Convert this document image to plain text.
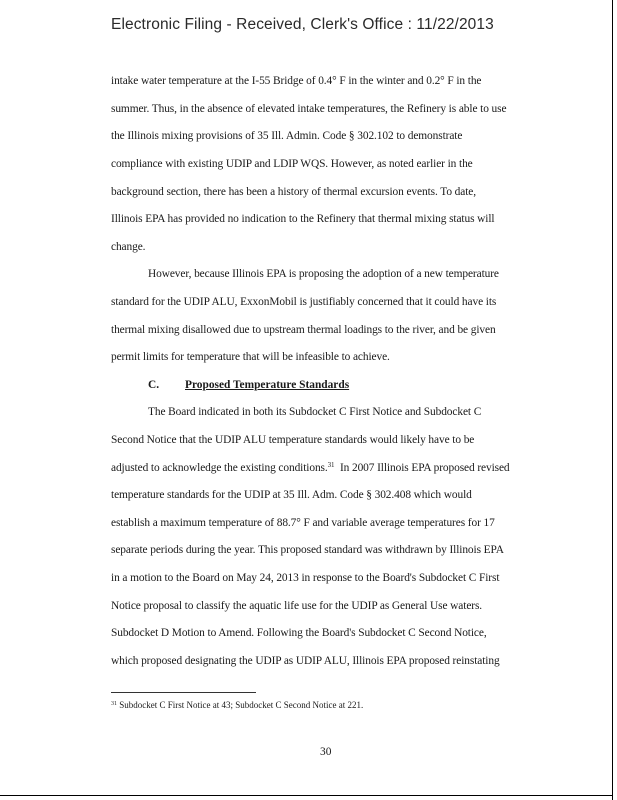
Electronic Filing - Received, Clerk's Office : 11/22/2013
intake water temperature at the I-55 Bridge of 0.4° F in the winter and 0.2° F in the
summer. Thus, in the absence of elevated intake temperatures, the Refinery is able to use
the Illinois mixing provisions of 35 Ill. Admin. Code § 302.102 to demonstrate
compliance with existing UDIP and LDIP WQS. However, as noted earlier in the
background section, there has been a history of thermal excursion events. To date,
Illinois EPA has provided no indication to the Refinery that thermal mixing status will
change.
However, because Illinois EPA is proposing the adoption of a new temperature
standard for the UDIP ALU, ExxonMobil is justifiably concerned that it could have its
thermal mixing disallowed due to upstream thermal loadings to the river, and be given
permit limits for temperature that will be infeasible to achieve.
C. Proposed Temperature Standards
The Board indicated in both its Subdocket C First Notice and Subdocket C
Second Notice that the UDIP ALU temperature standards would likely have to be
adjusted to acknowledge the existing conditions.$^{31}$  In 2007 Illinois EPA proposed revised
temperature standards for the UDIP at 35 Ill. Adm. Code § 302.408 which would
establish a maximum temperature of 88.7° F and variable average temperatures for 17
separate periods during the year. This proposed standard was withdrawn by Illinois EPA
in a motion to the Board on May 24, 2013 in response to the Board's Subdocket C First
Notice proposal to classify the aquatic life use for the UDIP as General Use waters.
Subdocket D Motion to Amend. Following the Board's Subdocket C Second Notice,
which proposed designating the UDIP as UDIP ALU, Illinois EPA proposed reinstating
$^{31}$ Subdocket C First Notice at 43; Subdocket C Second Notice at 221.
30
